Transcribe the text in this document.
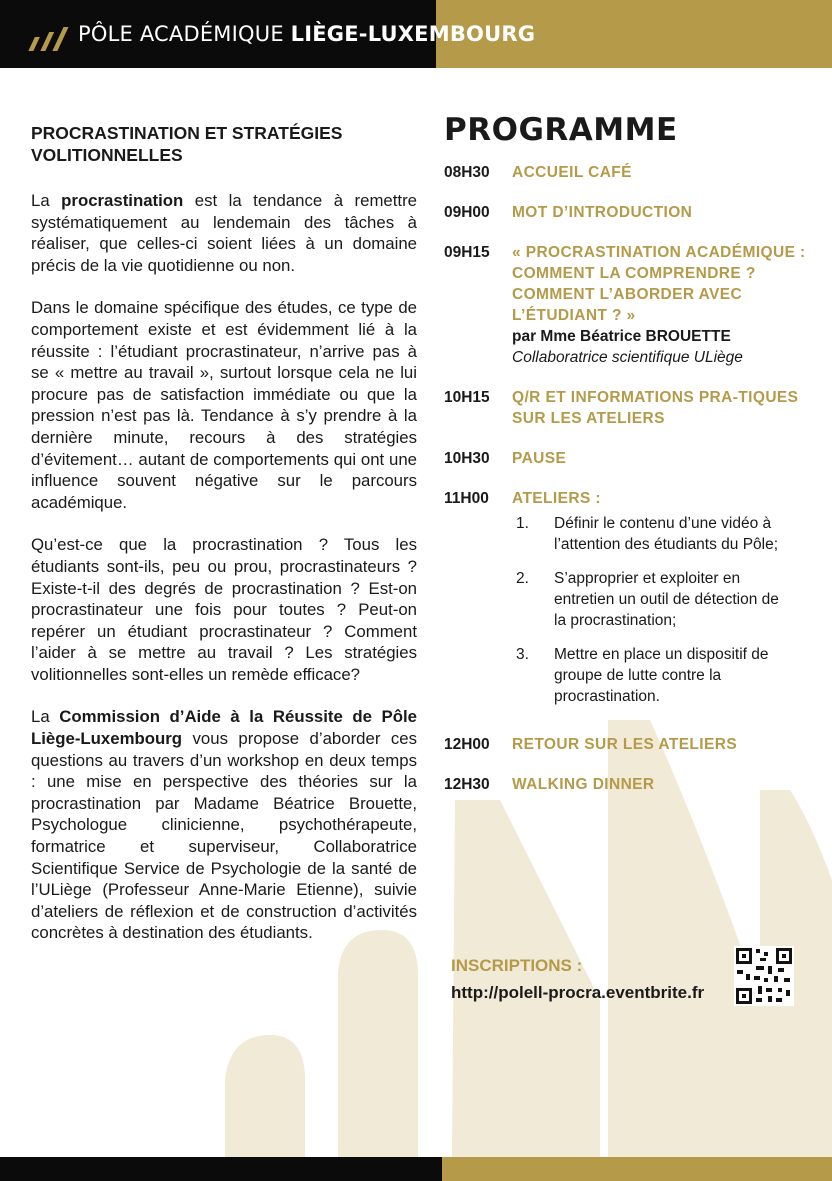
PÔLE ACADÉMIQUE LIÈGE-LUXEMBOURG
PROCRASTINATION ET STRATÉGIES VOLITIONNELLES

La procrastination est la tendance à remettre systématiquement au lendemain des tâches à réaliser, que celles-ci soient liées à un domaine précis de la vie quotidienne ou non.

Dans le domaine spécifique des études, ce type de comportement existe et est évidemment lié à la réussite : l’étudiant procrastinateur, n’arrive pas à se « mettre au travail », surtout lorsque cela ne lui procure pas de satisfaction immédiate ou que la pression n’est pas là. Tendance à s’y prendre à la dernière minute, recours à des stratégies d’évitement… autant de comportements qui ont une influence souvent négative sur le parcours académique.

Qu’est-ce que la procrastination ? Tous les étudiants sont-ils, peu ou prou, procrastinateurs ? Existe-t-il des degrés de procrastination ? Est-on procrastinateur une fois pour toutes ? Peut-on repérer un étudiant procrastinateur ? Comment l’aider à se mettre au travail ? Les stratégies volitionnelles sont-elles un remède efficace?

La Commission d’Aide à la Réussite de Pôle Liège-Luxembourg vous propose d’aborder ces questions au travers d’un workshop en deux temps : une mise en perspective des théories sur la procrastination par Madame Béatrice Brouette, Psychologue clinicienne, psychothérapeute, formatrice et superviseur, Collaboratrice Scientifique Service de Psychologie de la santé de l’ULiège (Professeur Anne-Marie Etienne), suivie d’ateliers de réflexion et de construction d’activités concrètes à destination des étudiants.

PROGRAMME
08H30	ACCUEIL CAFÉ
09H00	MOT D’INTRODUCTION
09H15	« PROCRASTINATION ACADÉMIQUE : COMMENT LA COMPRENDRE ? COMMENT L’ABORDER AVEC L’ÉTUDIANT ? »
par Mme Béatrice BROUETTE
Collaboratrice scientifique ULiège
10H15	Q/R ET INFORMATIONS PRA-TIQUES SUR LES ATELIERS
10H30	PAUSE
11H00	ATELIERS :
1.	Définir le contenu d’une vidéo à l’attention des étudiants du Pôle;
2.	S’approprier et exploiter en entretien un outil de détection de la procrastination;
3.	Mettre en place un dispositif de groupe de lutte contre la procrastination.
12H00	RETOUR SUR LES ATELIERS
12H30	WALKING DINNER
INSCRIPTIONS :
http://polell-procra.eventbrite.fr
